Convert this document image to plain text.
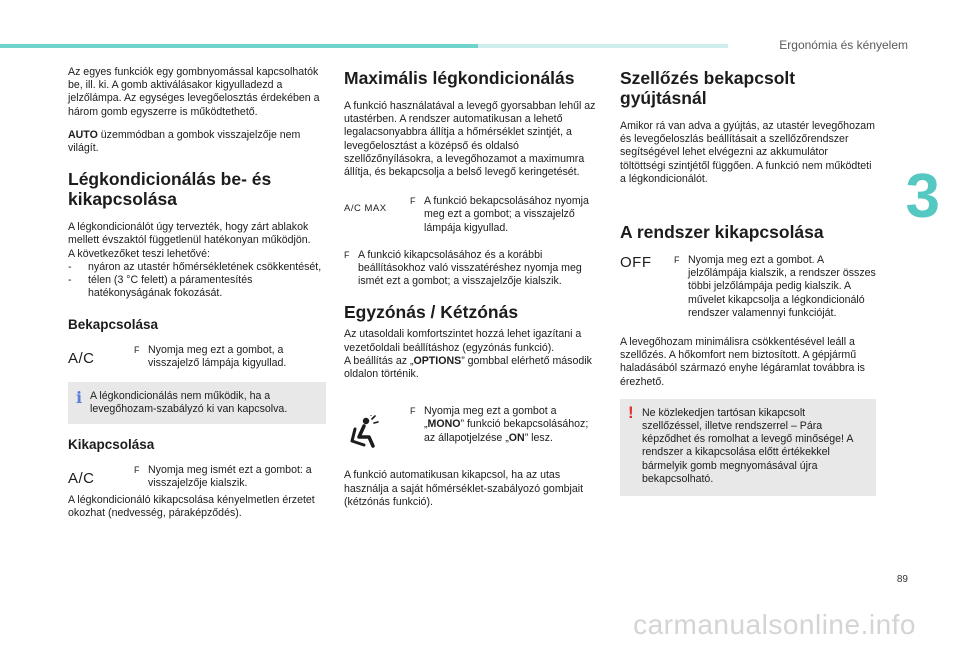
Ergonómia és kényelem
3

Az egyes funkciók egy gombnyomással kapcsolhatók be, ill. ki. A gomb aktiválásakor kigyulladezd a jelzőlámpa. Az egységes levegőelosztás érdekében a három gomb egyszerre is működtethető.

AUTO üzemmódban a gombok visszajelzője nem világít.

Légkondicionálás be- és kikapcsolása

A légkondicionálót úgy tervezték, hogy zárt ablakok mellett évszaktól függetlenül hatékonyan működjön.

A következőket teszi lehetővé:
- nyáron az utastér hőmérsékletének csökkentését,
- télen (3 °C felett) a páramentesítés hatékonyságának fokozását.
Bekapcsolása
A/C	F Nyomja meg ezt a gombot, a visszajelző lámpája kigyullad.
i A légkondicionálás nem működik, ha a levegőhozam-szabályzó ki van kapcsolva.
Kikapcsolása
A/C	F Nyomja meg ismét ezt a gombot: a visszajelzője kialszik.

A légkondicionáló kikapcsolása kényelmetlen érzetet okozhat (nedvesség, páraképződés).

Maximális légkondicionálás

A funkció használatával a levegő gyorsabban lehűl az utastérben. A rendszer automatikusan a lehető legalacsonyabbra állítja a hőmérséklet szintjét, a levegőelosztást a középső és oldalsó szellőzőnyílásokra, a levegőhozamot a maximumra állítja, és bekapcsolja a belső levegő keringetését.

A/C MAX
F A funkció bekapcsolásához nyomja meg ezt a gombot; a visszajelző lámpája kigyullad.
F A funkció kikapcsolásához és a korábbi beállításokhoz való visszatéréshez nyomja meg ismét ezt a gombot; a visszajelzője kialszik.
Egyzónás / Kétzónás

Az utasoldali komfortszintet hozzá lehet igazítani a vezetőoldali beállításhoz (egyzónás funkció).

A beállítás az „OPTIONS” gombbal elérhető második oldalon történik.

F Nyomja meg ezt a gombot a „MONO” funkció bekapcsolásához; az állapotjelzése „ON” lesz.

A funkció automatikusan kikapcsol, ha az utas használja a saját hőmérséklet-szabályozó gombjait (kétzónás funkció).

Szellőzés bekapcsolt gyújtásnál

Amikor rá van adva a gyújtás, az utastér levegőhozam és levegőeloszlás beállításait a szellőzőrendszer segítségével lehet elvégezni az akkumulátor töltöttségi szintjétől függően. A funkció nem működteti a légkondicionálót.

A rendszer kikapcsolása
OFF	F Nyomja meg ezt a gombot. A jelzőlámpája kialszik, a rendszer összes többi jelzőlámpája pedig kialszik. A művelet kikapcsolja a légkondicionáló rendszer valamennyi funkcióját.

A levegőhozam minimálisra csökkentésével leáll a szellőzés. A hőkomfort nem biztosított. A gépjármű haladásából származó enyhe légáramlat továbbra is érezhető.

! Ne közlekedjen tartósan kikapcsolt szellőzéssel, illetve rendszerrel – Pára képződhet és romolhat a levegő minősége! A rendszer a kikapcsolása előtt értékekkel bármelyik gomb megnyomásával újra bekapcsolható.
89
carmanualsonline.info
